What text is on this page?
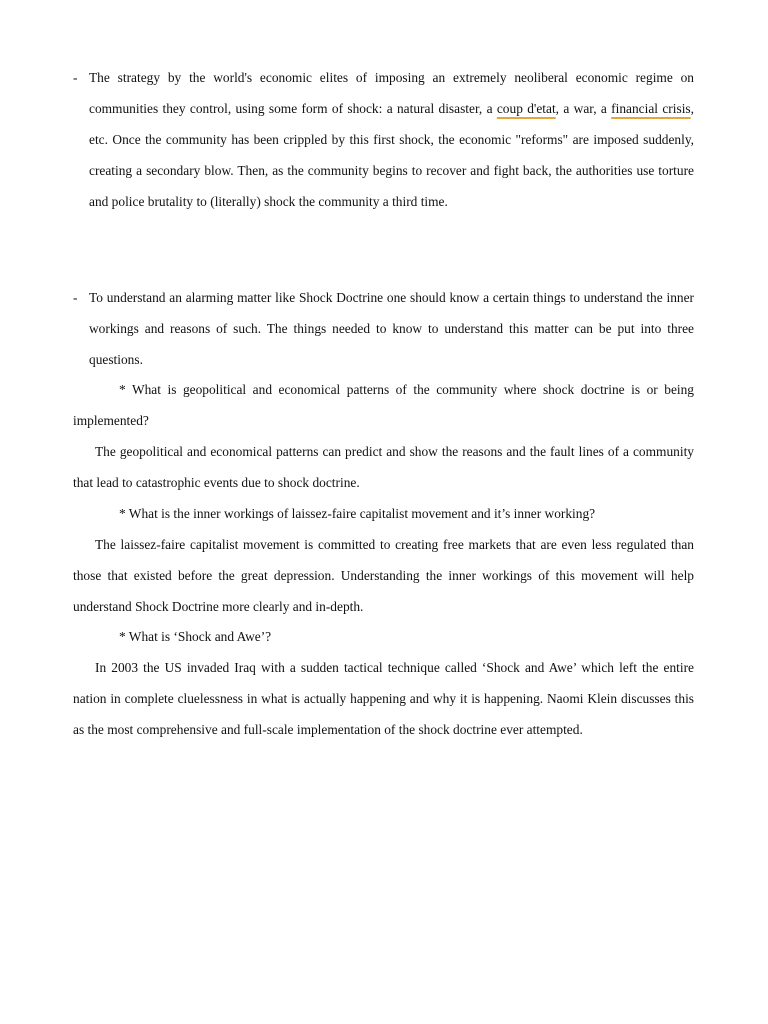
- The strategy by the world's economic elites of imposing an extremely neoliberal economic regime on communities they control, using some form of shock: a natural disaster, a coup d'etat, a war, a financial crisis, etc. Once the community has been crippled by this first shock, the economic "reforms" are imposed suddenly, creating a secondary blow. Then, as the community begins to recover and fight back, the authorities use torture and police brutality to (literally) shock the community a third time.

- To understand an alarming matter like Shock Doctrine one should know a certain things to understand the inner workings and reasons of such. The things needed to know to understand this matter can be put into three questions.

* What is geopolitical and economical patterns of the community where shock doctrine is or being implemented?

The geopolitical and economical patterns can predict and show the reasons and the fault lines of a community that lead to catastrophic events due to shock doctrine.

* What is the inner workings of laissez-faire capitalist movement and it’s inner working?

The laissez-faire capitalist movement is committed to creating free markets that are even less regulated than those that existed before the great depression. Understanding the inner workings of this movement will help understand Shock Doctrine more clearly and in-depth.

* What is ‘Shock and Awe’?

In 2003 the US invaded Iraq with a sudden tactical technique called ‘Shock and Awe’ which left the entire nation in complete cluelessness in what is actually happening and why it is happening. Naomi Klein discusses this as the most comprehensive and full-scale implementation of the shock doctrine ever attempted.
